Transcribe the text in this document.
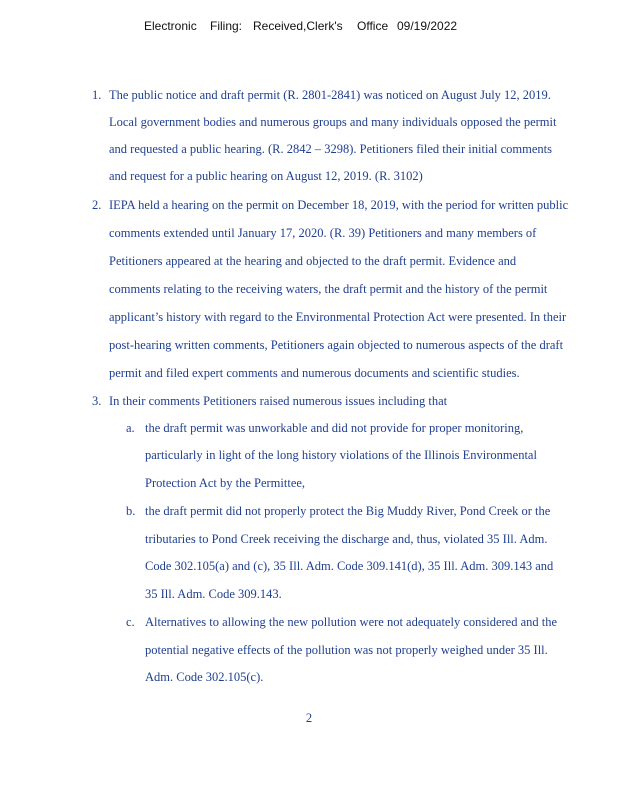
Electronic Filing: Received,Clerk's Office 09/19/2022
1. The public notice and draft permit (R. 2801-2841) was noticed on August July 12, 2019.
Local government bodies and numerous groups and many individuals opposed the permit
and requested a public hearing. (R. 2842 – 3298). Petitioners filed their initial comments
and request for a public hearing on August 12, 2019. (R. 3102)
2. IEPA held a hearing on the permit on December 18, 2019, with the period for written public
comments extended until January 17, 2020. (R. 39) Petitioners and many members of
Petitioners appeared at the hearing and objected to the draft permit. Evidence and
comments relating to the receiving waters, the draft permit and the history of the permit
applicant’s history with regard to the Environmental Protection Act were presented. In their
post-hearing written comments, Petitioners again objected to numerous aspects of the draft
permit and filed expert comments and numerous documents and scientific studies.
3. In their comments Petitioners raised numerous issues including that
a. the draft permit was unworkable and did not provide for proper monitoring,
particularly in light of the long history violations of the Illinois Environmental
Protection Act by the Permittee,
b. the draft permit did not properly protect the Big Muddy River, Pond Creek or the
tributaries to Pond Creek receiving the discharge and, thus, violated 35 Ill. Adm.
Code 302.105(a) and (c), 35 Ill. Adm. Code 309.141(d), 35 Ill. Adm. 309.143 and
35 Ill. Adm. Code 309.143.
c. Alternatives to allowing the new pollution were not adequately considered and the
potential negative effects of the pollution was not properly weighed under 35 Ill.
Adm. Code 302.105(c).
2
